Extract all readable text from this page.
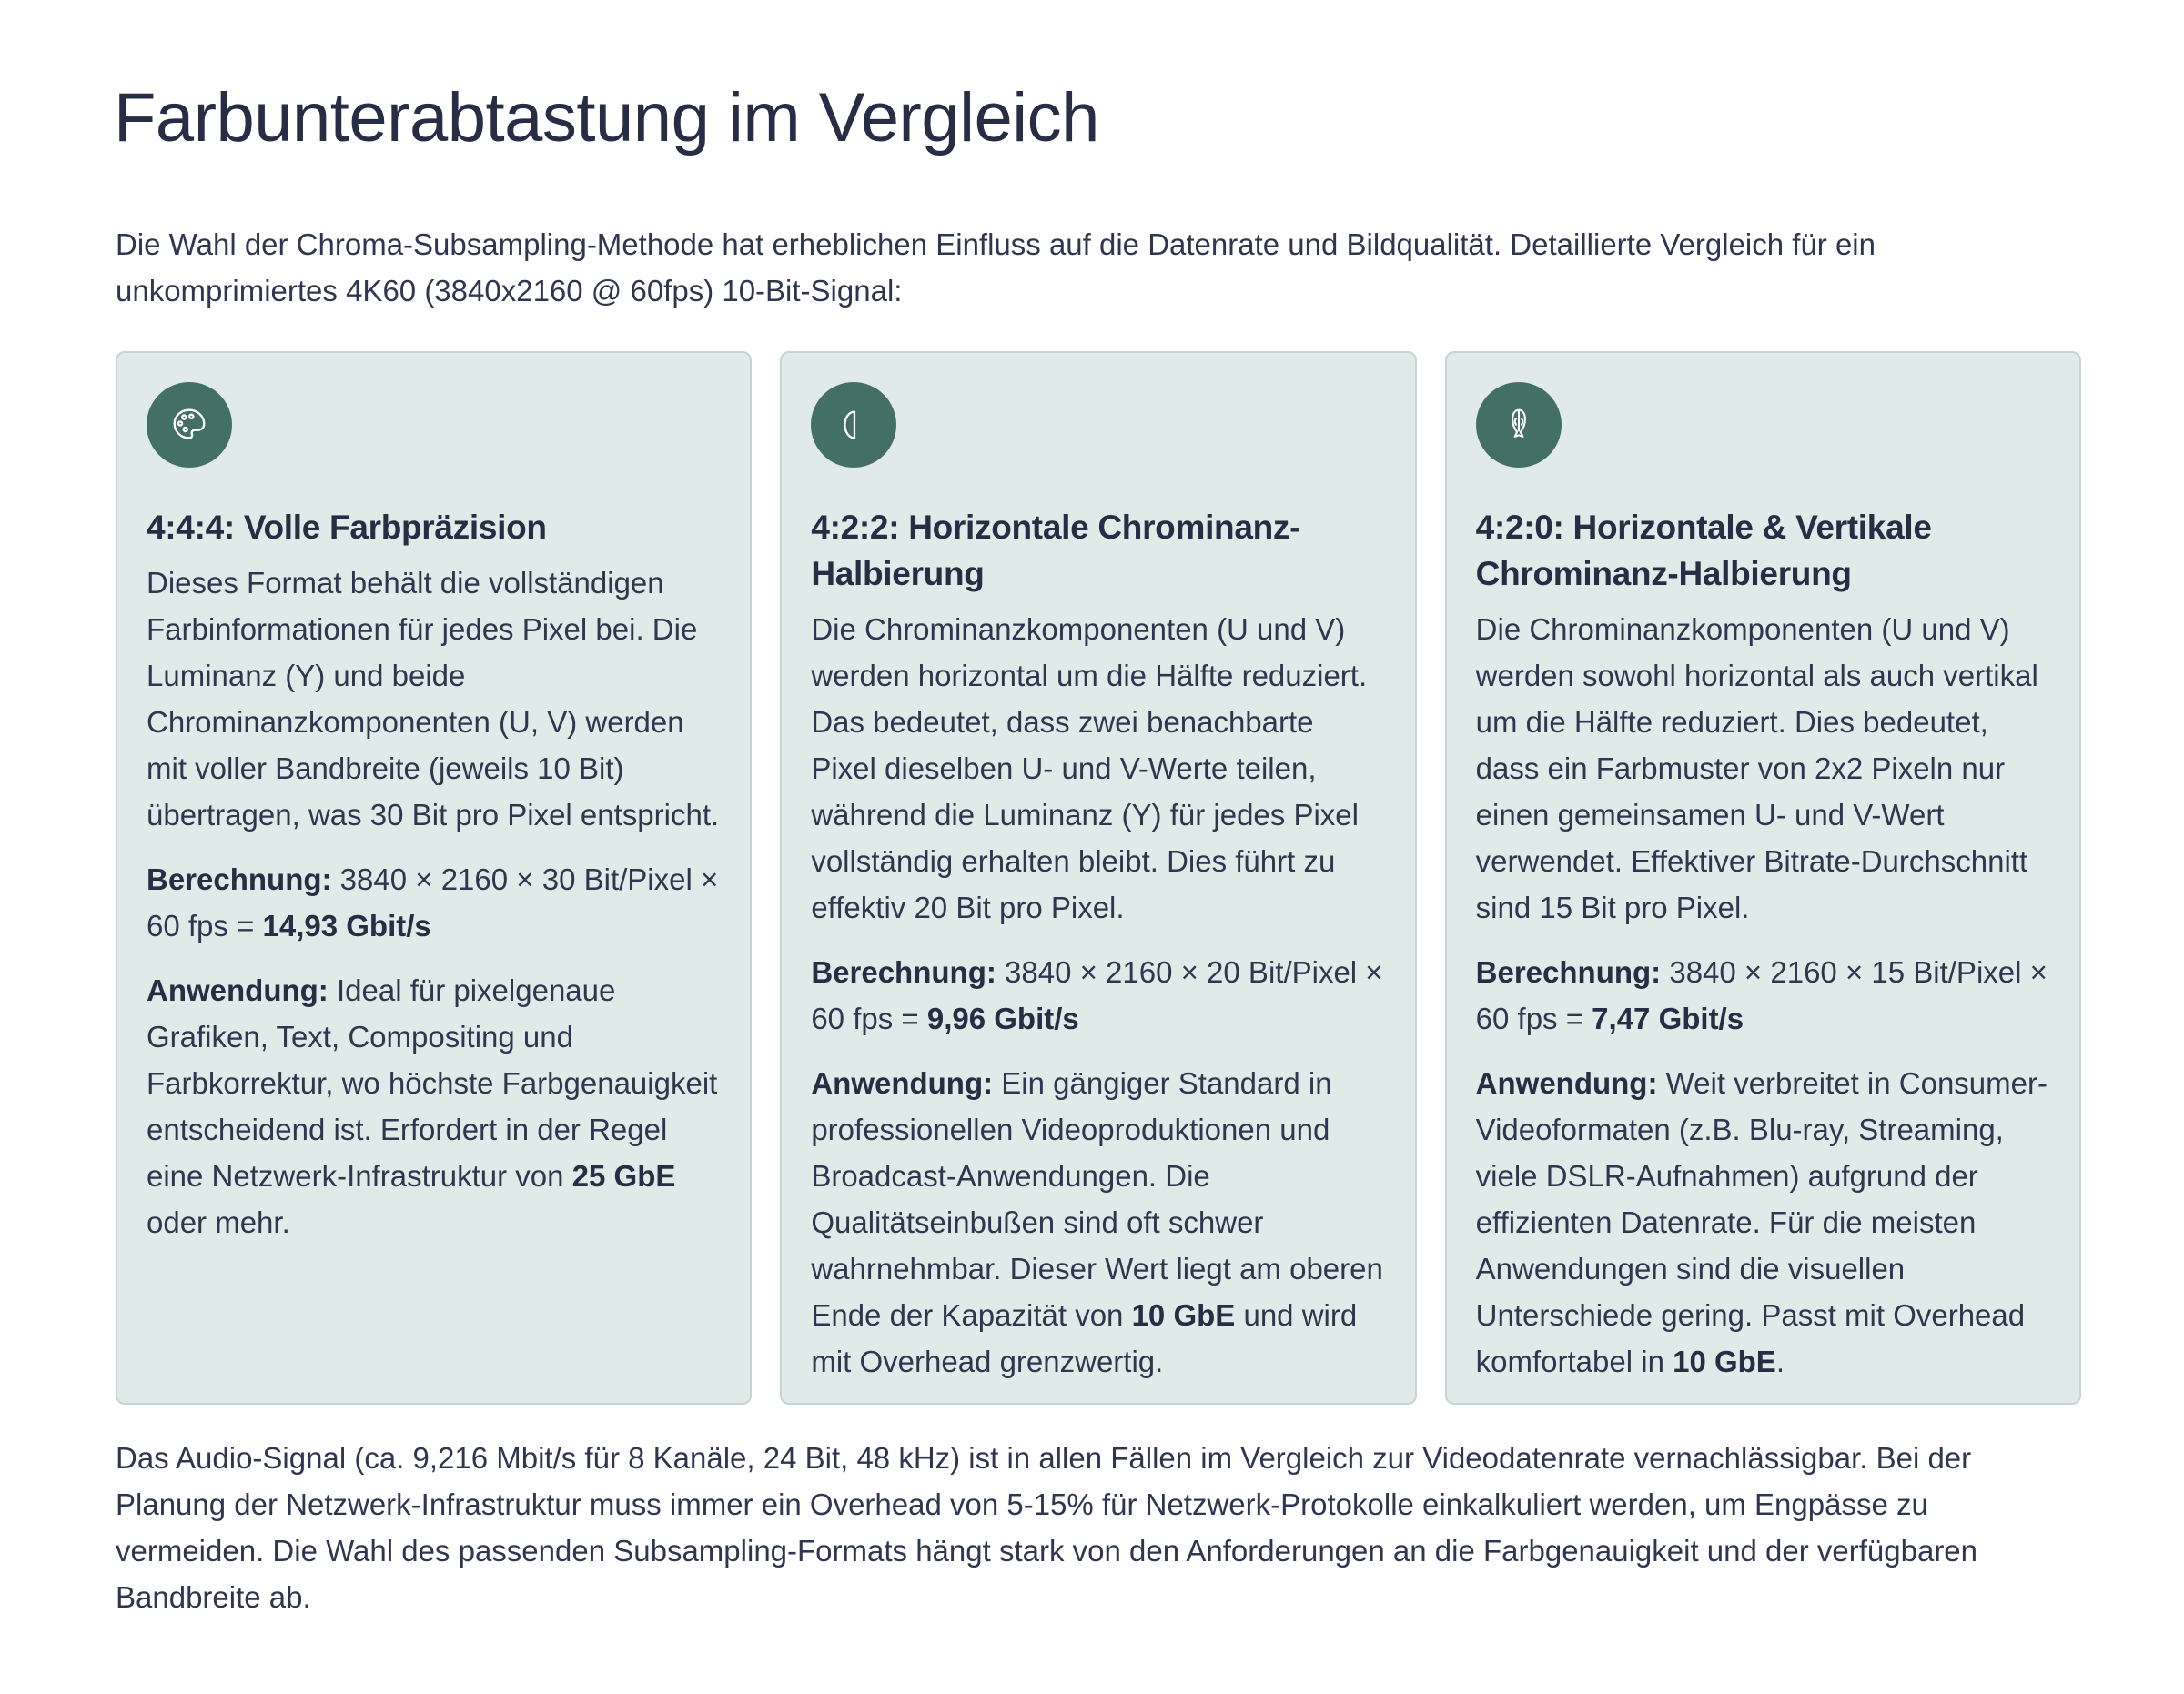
Farbunterabtastung im Vergleich

Die Wahl der Chroma-Subsampling-Methode hat erheblichen Einfluss auf die Datenrate und Bildqualität. Detaillierte Vergleich für ein unkomprimiertes 4K60 (3840x2160 @ 60fps) 10-Bit-Signal:

4:4:4: Volle Farbpräzision

Dieses Format behält die vollständigen Farbinformationen für jedes Pixel bei. Die Luminanz (Y) und beide Chrominanzkomponenten (U, V) werden mit voller Bandbreite (jeweils 10 Bit) übertragen, was 30 Bit pro Pixel entspricht.

Berechnung: 3840 × 2160 × 30 Bit/Pixel × 60 fps = 14,93 Gbit/s

Anwendung: Ideal für pixelgenaue Grafiken, Text, Compositing und Farbkorrektur, wo höchste Farbgenauigkeit entscheidend ist. Erfordert in der Regel eine Netzwerk-Infrastruktur von 25 GbE oder mehr.

4:2:2: Horizontale Chrominanz-Halbierung

Die Chrominanzkomponenten (U und V) werden horizontal um die Hälfte reduziert. Das bedeutet, dass zwei benachbarte Pixel dieselben U- und V-Werte teilen, während die Luminanz (Y) für jedes Pixel vollständig erhalten bleibt. Dies führt zu effektiv 20 Bit pro Pixel.

Berechnung: 3840 × 2160 × 20 Bit/Pixel × 60 fps = 9,96 Gbit/s

Anwendung: Ein gängiger Standard in professionellen Videoproduktionen und Broadcast-Anwendungen. Die Qualitätseinbußen sind oft schwer wahrnehmbar. Dieser Wert liegt am oberen Ende der Kapazität von 10 GbE und wird mit Overhead grenzwertig.

4:2:0: Horizontale & Vertikale Chrominanz-Halbierung

Die Chrominanzkomponenten (U und V) werden sowohl horizontal als auch vertikal um die Hälfte reduziert. Dies bedeutet, dass ein Farbmuster von 2x2 Pixeln nur einen gemeinsamen U- und V-Wert verwendet. Effektiver Bitrate-Durchschnitt sind 15 Bit pro Pixel.

Berechnung: 3840 × 2160 × 15 Bit/Pixel × 60 fps = 7,47 Gbit/s

Anwendung: Weit verbreitet in Consumer-Videoformaten (z.B. Blu-ray, Streaming, viele DSLR-Aufnahmen) aufgrund der effizienten Datenrate. Für die meisten Anwendungen sind die visuellen Unterschiede gering. Passt mit Overhead komfortabel in 10 GbE.

Das Audio-Signal (ca. 9,216 Mbit/s für 8 Kanäle, 24 Bit, 48 kHz) ist in allen Fällen im Vergleich zur Videodatenrate vernachlässigbar. Bei der Planung der Netzwerk-Infrastruktur muss immer ein Overhead von 5-15% für Netzwerk-Protokolle einkalkuliert werden, um Engpässe zu vermeiden. Die Wahl des passenden Subsampling-Formats hängt stark von den Anforderungen an die Farbgenauigkeit und der verfügbaren Bandbreite ab.
